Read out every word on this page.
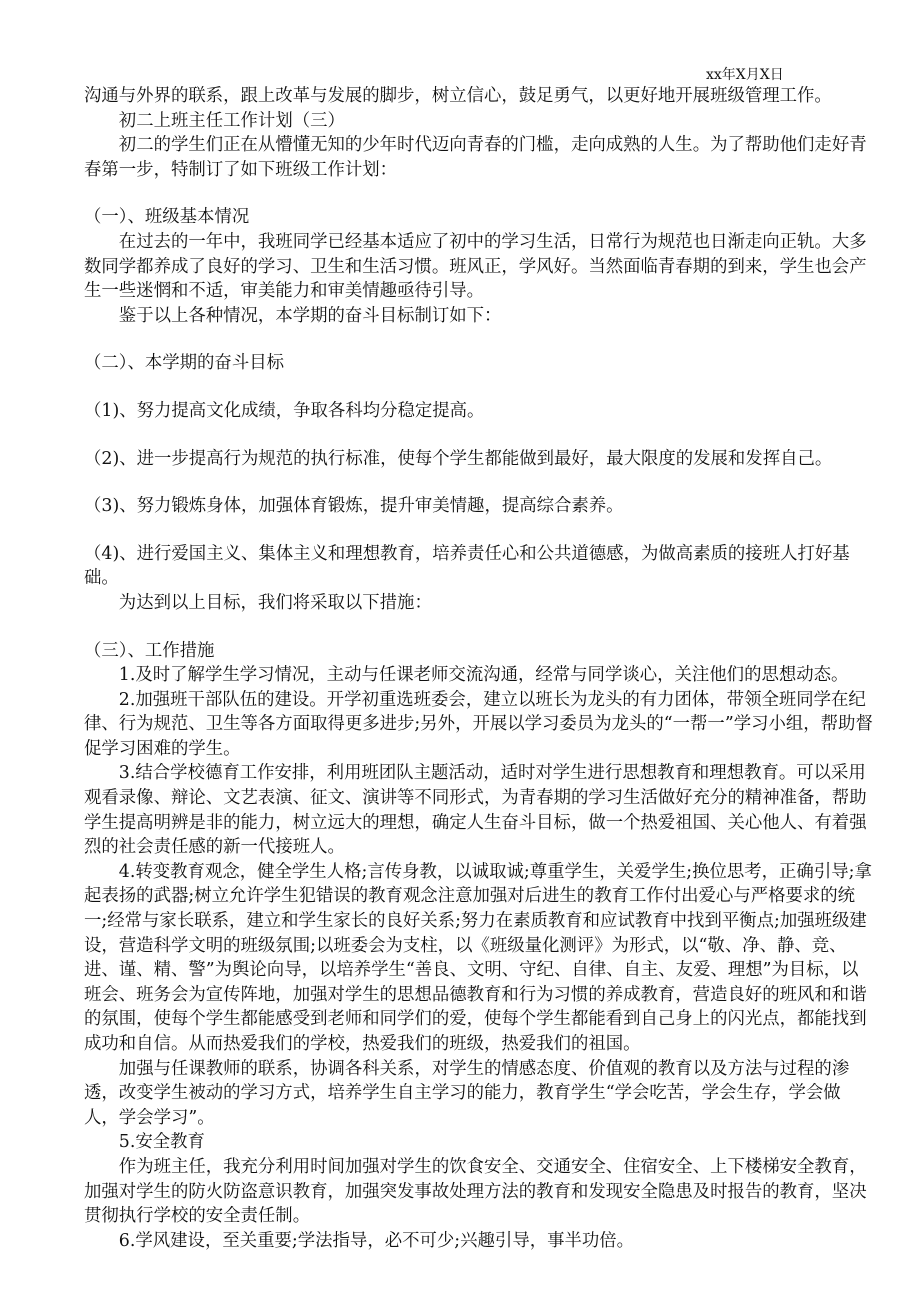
xx年X月X日

沟通与外界的联系，跟上改革与发展的脚步，树立信心，鼓足勇气，以更好地开展班级管理工作。

初二上班主任工作计划（三）

初二的学生们正在从懵懂无知的少年时代迈向青春的门槛，走向成熟的人生。为了帮助他们走好青春第一步，特制订了如下班级工作计划：

（一）、班级基本情况

在过去的一年中，我班同学已经基本适应了初中的学习生活，日常行为规范也日渐走向正轨。大多数同学都养成了良好的学习、卫生和生活习惯。班风正，学风好。当然面临青春期的到来，学生也会产生一些迷惘和不适，审美能力和审美情趣亟待引导。

鉴于以上各种情况，本学期的奋斗目标制订如下：

（二）、本学期的奋斗目标

（1)、努力提高文化成绩，争取各科均分稳定提高。

（2)、进一步提高行为规范的执行标准，使每个学生都能做到最好，最大限度的发展和发挥自己。

（3)、努力锻炼身体，加强体育锻炼，提升审美情趣，提高综合素养。

（4)、进行爱国主义、集体主义和理想教育，培养责任心和公共道德感，为做高素质的接班人打好基础。

为达到以上目标，我们将采取以下措施：

（三）、工作措施

1.及时了解学生学习情况，主动与任课老师交流沟通，经常与同学谈心，关注他们的思想动态。

2.加强班干部队伍的建设。开学初重选班委会，建立以班长为龙头的有力团体，带领全班同学在纪律、行为规范、卫生等各方面取得更多进步;另外，开展以学习委员为龙头的“一帮一”学习小组，帮助督促学习困难的学生。

3.结合学校德育工作安排，利用班团队主题活动，适时对学生进行思想教育和理想教育。可以采用观看录像、辩论、文艺表演、征文、演讲等不同形式，为青春期的学习生活做好充分的精神准备，帮助学生提高明辨是非的能力，树立远大的理想，确定人生奋斗目标，做一个热爱祖国、关心他人、有着强烈的社会责任感的新一代接班人。

4.转变教育观念，健全学生人格;言传身教，以诚取诚;尊重学生，关爱学生;换位思考，正确引导;拿起表扬的武器;树立允许学生犯错误的教育观念注意加强对后进生的教育工作付出爱心与严格要求的统一;经常与家长联系，建立和学生家长的良好关系;努力在素质教育和应试教育中找到平衡点;加强班级建设，营造科学文明的班级氛围;以班委会为支柱，以《班级量化测评》为形式，以“敬、净、静、竞、进、谨、精、警”为舆论向导，以培养学生“善良、文明、守纪、自律、自主、友爱、理想”为目标，以班会、班务会为宣传阵地，加强对学生的思想品德教育和行为习惯的养成教育，营造良好的班风和和谐的氛围，使每个学生都能感受到老师和同学们的爱，使每个学生都能看到自己身上的闪光点，都能找到成功和自信。从而热爱我们的学校，热爱我们的班级，热爱我们的祖国。

加强与任课教师的联系，协调各科关系，对学生的情感态度、价值观的教育以及方法与过程的渗透，改变学生被动的学习方式，培养学生自主学习的能力，教育学生“学会吃苦，学会生存，学会做人，学会学习”。

5.安全教育

作为班主任，我充分利用时间加强对学生的饮食安全、交通安全、住宿安全、上下楼梯安全教育，加强对学生的防火防盗意识教育，加强突发事故处理方法的教育和发现安全隐患及时报告的教育，坚决贯彻执行学校的安全责任制。

6.学风建设，至关重要;学法指导，必不可少;兴趣引导，事半功倍。
